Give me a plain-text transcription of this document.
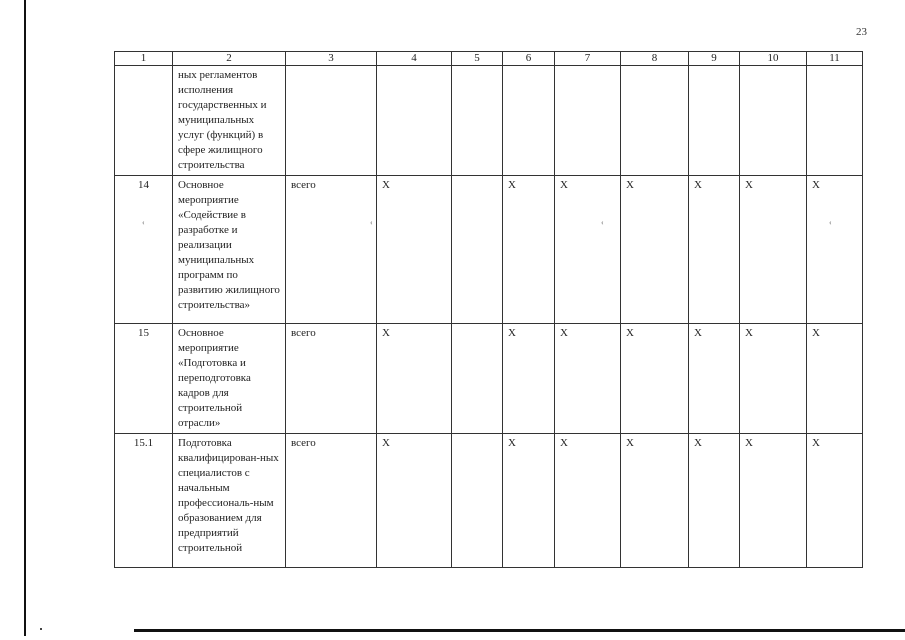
23
1	2	3	4	5	6	7	8	9	10	11
	ных регламентов исполнения государственных и муниципальных услуг (функций) в сфере жилищного строительства									
14	Основное мероприятие «Содействие в разработке и реализации муниципальных программ по развитию жилищного строительства»	всего	Х		Х	Х	Х	Х	Х	Х
15	Основное мероприятие «Подготовка и переподготовка кадров для строительной отрасли»	всего	Х		Х	Х	Х	Х	Х	Х
15.1	Подготовка квалифицирован-ных специалистов с начальным профессиональ-ным образованием для предприятий строительной	всего	Х		Х	Х	Х	Х	Х	Х
‹	‹	‹	‹
